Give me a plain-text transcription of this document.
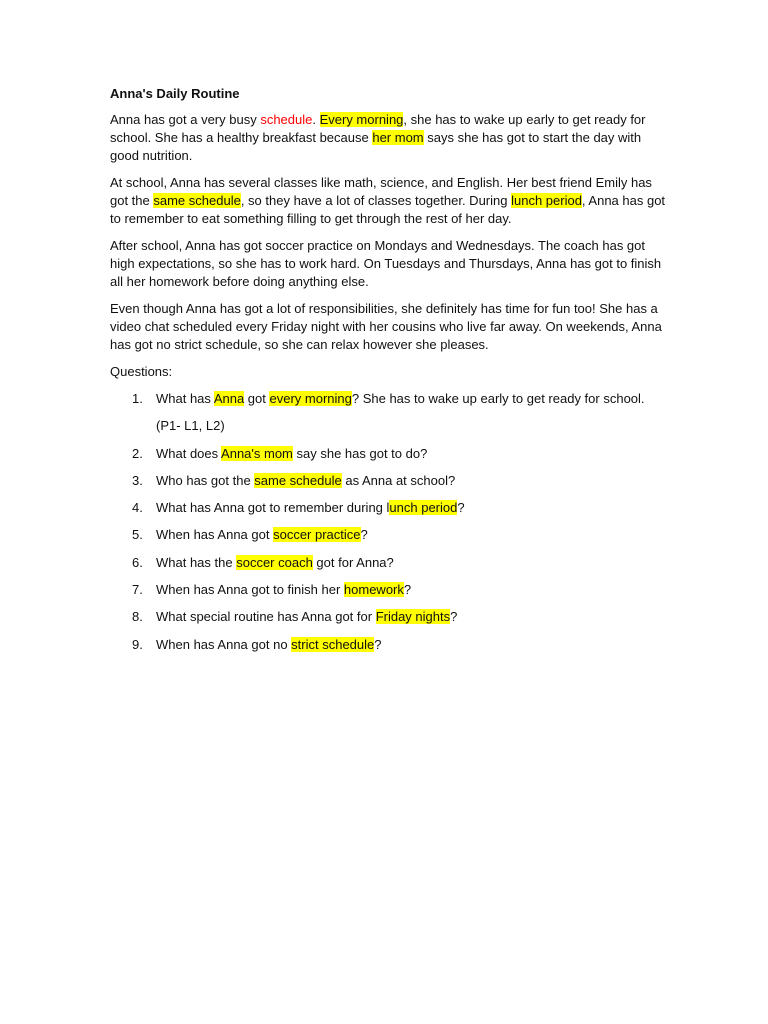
Anna's Daily Routine

Anna has got a very busy schedule. Every morning, she has to wake up early to get ready for school. She has a healthy breakfast because her mom says she has got to start the day with good nutrition.

At school, Anna has several classes like math, science, and English. Her best friend Emily has got the same schedule, so they have a lot of classes together. During lunch period, Anna has got to remember to eat something filling to get through the rest of her day.

After school, Anna has got soccer practice on Mondays and Wednesdays. The coach has got high expectations, so she has to work hard. On Tuesdays and Thursdays, Anna has got to finish all her homework before doing anything else.

Even though Anna has got a lot of responsibilities, she definitely has time for fun too! She has a video chat scheduled every Friday night with her cousins who live far away. On weekends, Anna has got no strict schedule, so she can relax however she pleases.

Questions:
1. What has Anna got every morning? She has to wake up early to get ready for school.
(P1- L1, L2)
2. What does Anna's mom say she has got to do?
3. Who has got the same schedule as Anna at school?
4. What has Anna got to remember during lunch period?
5. When has Anna got soccer practice?
6. What has the soccer coach got for Anna?
7. When has Anna got to finish her homework?
8. What special routine has Anna got for Friday nights?
9. When has Anna got no strict schedule?
